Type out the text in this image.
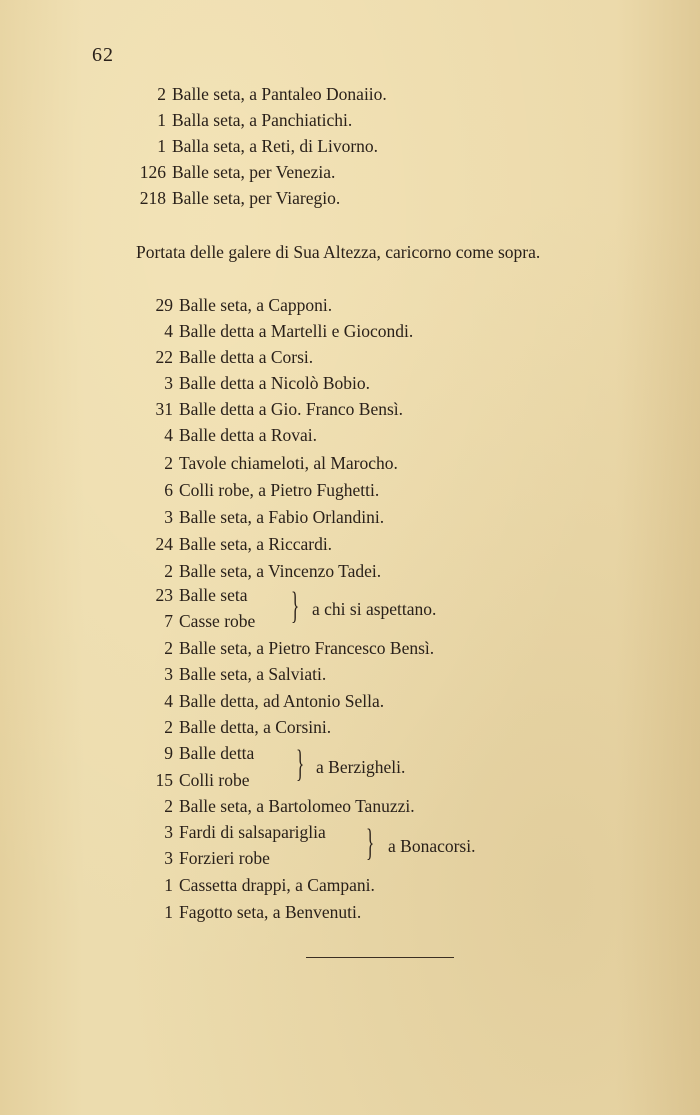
62
2 Balle seta, a Pantaleo Donaiio.
1 Balla seta, a Panchiatichi.
1 Balla seta, a Reti, di Livorno.
126 Balle seta, per Venezia.
218 Balle seta, per Viaregio.
Portata delle galere di Sua Altezza, caricorno come sopra.
29 Balle seta, a Capponi.
4 Balle detta a Martelli e Giocondi.
22 Balle detta a Corsi.
3 Balle detta a Nicolò Bobio.
31 Balle detta a Gio. Franco Bensì.
4 Balle detta a Rovai.
2 Tavole chiameloti, al Marocho.
6 Colli robe, a Pietro Fughetti.
3 Balle seta, a Fabio Orlandini.
24 Balle seta, a Riccardi.
2 Balle seta, a Vincenzo Tadei.
23 Balle seta
7 Casse robe } a chi si aspettano.
2 Balle seta, a Pietro Francesco Bensì.
3 Balle seta, a Salviati.
4 Balle detta, ad Antonio Sella.
2 Balle detta, a Corsini.
9 Balle detta
15 Colli robe } a Berzigheli.
2 Balle seta, a Bartolomeo Tanuzzi.
3 Fardi di salsapariglia
3 Forzieri robe	} a Bonacorsi.
1 Cassetta drappi, a Campani.
1 Fagotto seta, a Benvenuti.
